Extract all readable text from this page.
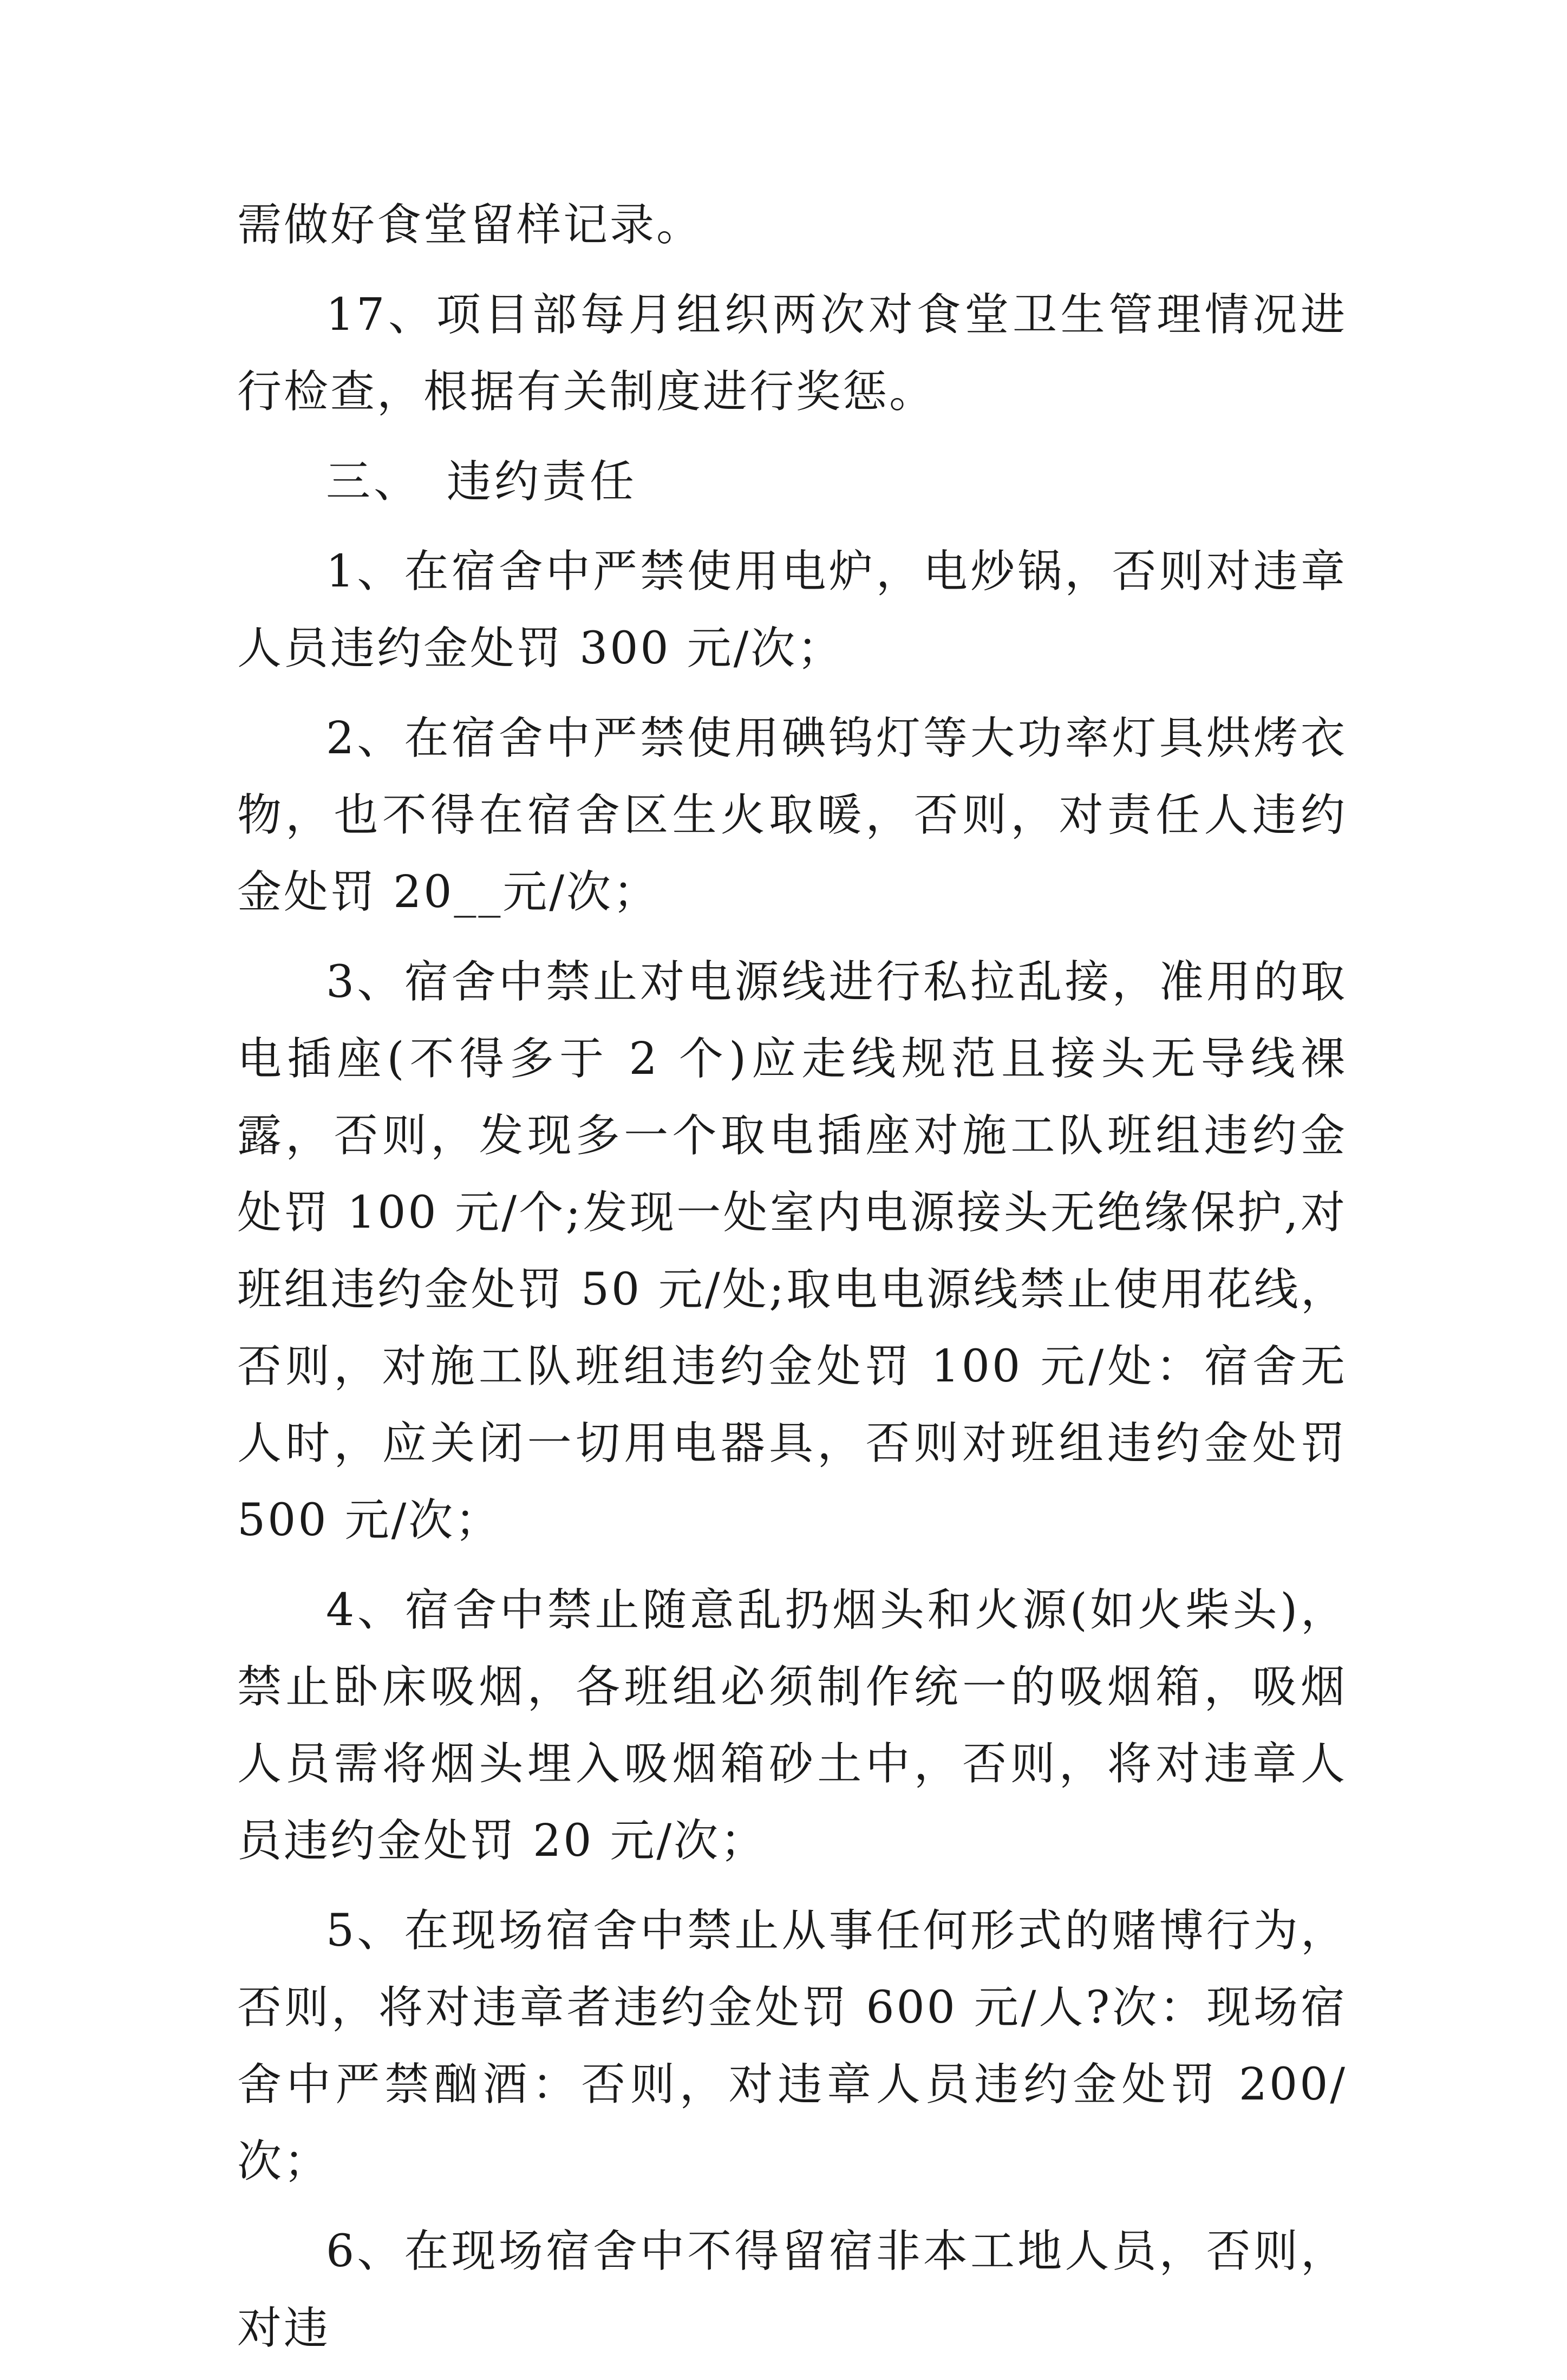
需做好食堂留样记录。

17、项目部每月组织两次对食堂卫生管理情况进行检查，根据有关制度进行奖惩。

三、　违约责任

1、在宿舍中严禁使用电炉，电炒锅，否则对违章人员违约金处罚 300 元/次；

2、在宿舍中严禁使用碘钨灯等大功率灯具烘烤衣物，也不得在宿舍区生火取暖，否则，对责任人违约金处罚 20__元/次；

3、宿舍中禁止对电源线进行私拉乱接，准用的取电插座(不得多于 2 个)应走线规范且接头无导线裸露，否则，发现多一个取电插座对施工队班组违约金处罚 100 元/个;发现一处室内电源接头无绝缘保护,对班组违约金处罚 50 元/处;取电电源线禁止使用花线，否则，对施工队班组违约金处罚 100 元/处：宿舍无人时，应关闭一切用电器具，否则对班组违约金处罚 500 元/次；

4、宿舍中禁止随意乱扔烟头和火源(如火柴头)，禁止卧床吸烟，各班组必须制作统一的吸烟箱，吸烟人员需将烟头埋入吸烟箱砂土中，否则，将对违章人员违约金处罚 20 元/次；

5、在现场宿舍中禁止从事任何形式的赌博行为，否则，将对违章者违约金处罚 600 元/人?次：现场宿舍中严禁酗酒：否则，对违章人员违约金处罚 200/次；

6、在现场宿舍中不得留宿非本工地人员，否则，对违
